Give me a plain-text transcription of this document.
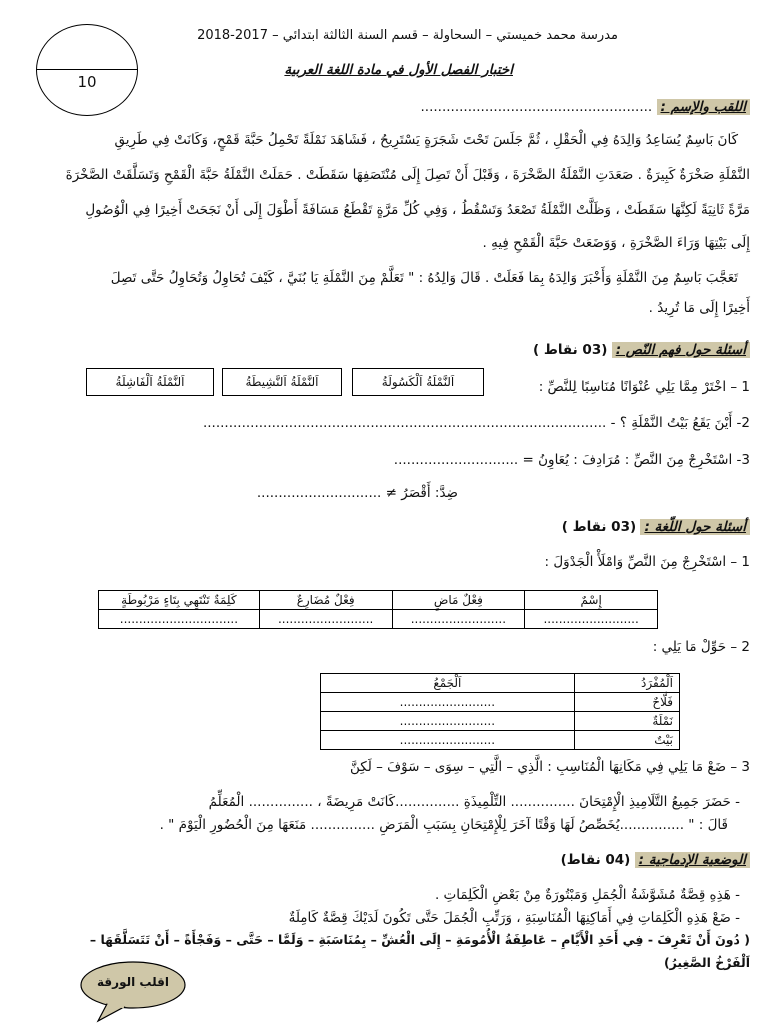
10
مدرسة محمد خميستي – السحاولة – قسم السنة الثالثة ابتدائي – 2017-2018
اختبار الفصل الأول في مادة اللغة العربية
اللقب والإسم : ......................................................
كَانَ بَاسِمٌ يُسَاعِدُ وَالِدَهُ فِي الْحَقْلِ ، ثُمَّ جَلَسَ تَحْتَ شَجَرَةٍ يَسْتَرِيحُ ، فَشَاهَدَ نَمْلَةً تَحْمِلُ حَبَّةَ قَمْحٍ، وَكَانَتْ فِي طَرِيقِ
النَّمْلَةِ صَخْرَةٌ كَبِيرَةٌ . صَعَدَتِ النَّمْلَةُ الصَّخْرَةَ ، وَقَبْلَ أَنْ تَصِلَ إِلَى مُنْتَصَفِهَا سَقَطَتْ . حَمَلَتْ النَّمْلَةُ حَبَّةَ الْقَمْحِ وَتَسَلَّقَتْ الصَّخْرَةَ
مَرَّةً ثَانِيَةً لَكِنَّهَا سَقَطَتْ ، وَظَلَّتْ النَّمْلَةُ تَصْعَدُ وَتَسْقُطُ ، وَفِي كُلِّ مَرَّةٍ تَقْطَعُ مَسَافَةً أَطْوَلَ إِلَى أَنْ نَجَحَتْ أَخِيرًا فِي الْوُصُولِ
إِلَى بَيْتِهَا وَرَاءَ الصَّخْرَةِ ، وَوَضَعَتْ حَبَّةَ الْقَمْحِ فِيهِ .
تَعَجَّبَ بَاسِمٌ مِنَ النَّمْلَةِ وَأَخْبَرَ وَالِدَهُ بِمَا فَعَلَتْ . قَالَ وَالِدُهُ : " تَعَلَّمْ مِنَ النَّمْلَةِ يَا بُنَيَّ ، كَيْفَ تُحَاوِلُ وَتُحَاوِلُ حَتَّى تَصِلَ
أَخِيرًا إِلَى مَا تُرِيدُ .
أسئلة حول فهم النّص : (03 نقاط )
1 – اخْتَرْ مِمَّا يَلِي عُنْوَانًا مُنَاسِبًا لِلنَّصِّ :
اَلنَّمْلَةُ اَلْكَسُولَةُ
اَلنَّمْلَةُ اَلنَّشِيطَةُ
اَلنَّمْلَةُ اَلْفَاشِلَةُ
2- أَيْنَ يَقَعُ بَيْتُ النَّمْلَةِ ؟ - ..............................................................................................
3- اسْتَخْرِجْ مِنَ النَّصِّ : مُرَادِفَ : يُعَاوِنُ = .............................
ضِدَّ: أَقْصَرُ ≠ .............................
أسئلة حول اللّغة : (03 نقاط )
1 – اسْتَخْرِجْ مِنَ النَّصِّ وَامْلَأْ الْجَدْوَلَ :
إِسْمٌ	فِعْلٌ مَاضٍ	فِعْلٌ مُضَارِعٌ	كَلِمَةٌ تَنْتَهِي بِتَاءٍ مَرْبُوطَةٍ
.........................	.........................	.........................	...............................
2 – حَوِّلْ مَا يَلِي :
اَلْمُفْرَدُ	اَلْجَمْعُ
فَلَّاحٌ	.........................
نَمْلَةٌ	.........................
بَيْتٌ	.........................
3 – ضَعْ مَا يَلِي فِي مَكَانِهَا الْمُنَاسِبِ : الَّذِي – الَّتِي – سِوَى – سَوْفَ – لَكِنَّ
- حَضَرَ جَمِيعُ التَّلَامِيذِ الْإِمْتِحَانَ ............... التِّلْمِيذَةِ ...............كَانَتْ مَرِيضَةً ، ............... الْمُعَلِّمُ
قَالَ : " ...............يُخَصِّصُ لَهَا وَقْتًا آخَرَ لِلْإِمْتِحَانِ بِسَبَبِ الْمَرَضِ ............... مَنَعَهَا مِنَ الْحُضُورِ الْيَوْمَ " .
الوضعية الإدماجية : (04 نقاط)
- هَذِهِ قِصَّةٌ مُشَوَّشَةُ الْجُمَلِ وَمَبْتُورَةٌ مِنْ بَعْضِ الْكَلِمَاتِ .
- ضَعْ هَذِهِ الْكَلِمَاتِ فِي أَمَاكِنِهَا الْمُنَاسِبَةِ ، وَرَتِّبِ الْجُمَلَ حَتَّى تَكُونَ لَدَيْكَ قِصَّةٌ كَامِلَةٌ
( دُونَ أَنْ تَعْرِفَ - فِي أَحَدِ الْأَيَّامِ – عَاطِفَةُ الْأُمُومَةِ – إِلَى الْعُشِّ – بِمُنَاسَبَةِ – وَلَمَّا – حَتَّى – وَفَجْأَةً – أَنْ تَتَسَلَّقَهَا –
اَلْفَرْخُ الصَّغِيرُ)
اقلب الورقة
